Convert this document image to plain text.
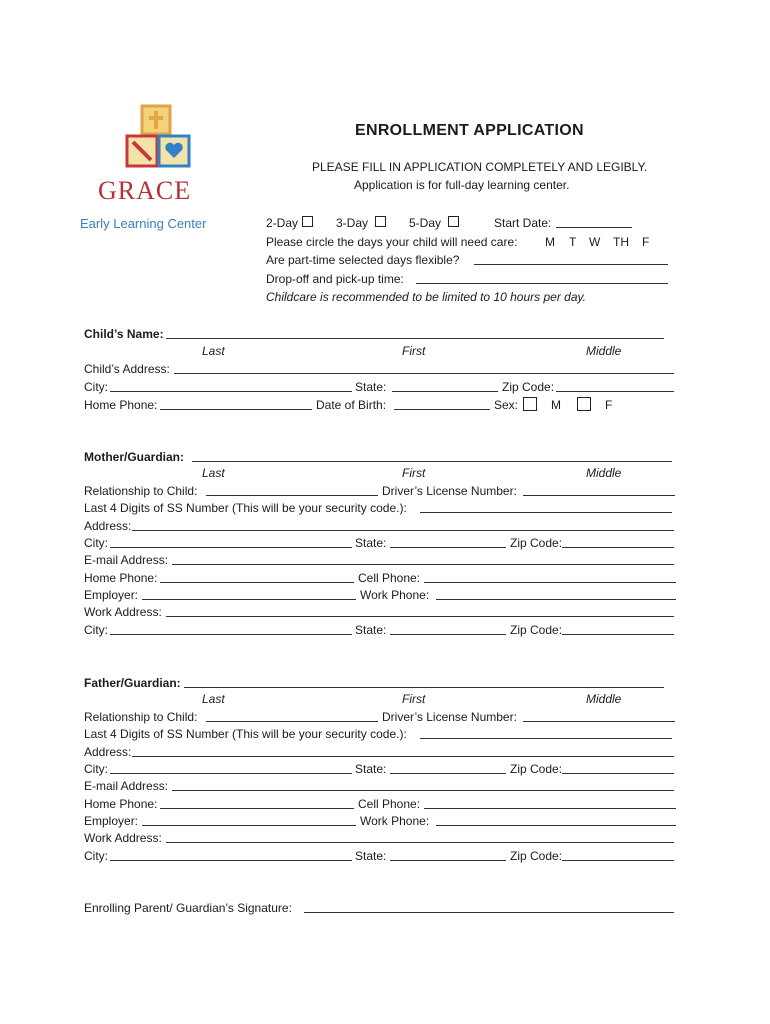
GRACE
Early Learning Center
ENROLLMENT APPLICATION
PLEASE FILL IN APPLICATION COMPLETELY AND LEGIBLY.
Application is for full-day learning center.
2-Day	3-Day	5-Day	Start Date:
Please circle the days your child will need care: M T W TH F
Are part-time selected days flexible?
Drop-off and pick-up time:
Childcare is recommended to be limited to 10 hours per day.
Child’s Name:
Last	First	Middle
Child’s Address:
City:	State:	Zip Code:
Home Phone:	Date of Birth:	Sex:	M	F
Mother/Guardian:
Last	First	Middle
Relationship to Child:	Driver’s License Number:
Last 4 Digits of SS Number (This will be your security code.):
Address:
City:	State:	Zip Code:
E-mail Address:
Home Phone:	Cell Phone:
Employer:	Work Phone:
Work Address:
City:	State:	Zip Code:
Father/Guardian:
Last	First	Middle
Relationship to Child:	Driver’s License Number:
Last 4 Digits of SS Number (This will be your security code.):
Address:
City:	State:	Zip Code:
E-mail Address:
Home Phone:	Cell Phone:
Employer:	Work Phone:
Work Address:
City:	State:	Zip Code:
Enrolling Parent/ Guardian’s Signature:
